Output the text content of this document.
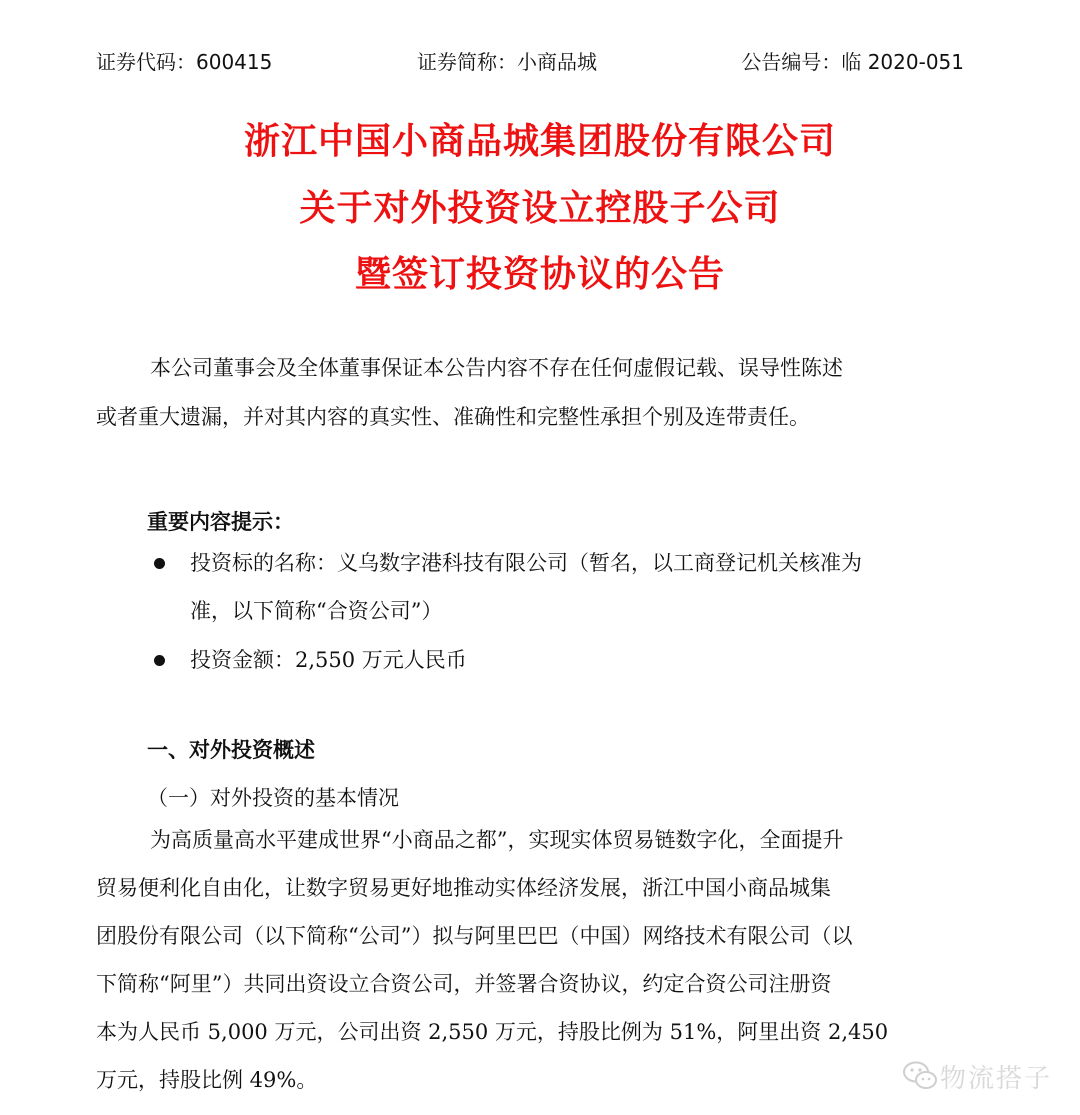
证券代码：600415	证券简称：小商品城	公告编号：临 2020-051
浙江中国小商品城集团股份有限公司
关于对外投资设立控股子公司
暨签订投资协议的公告
本公司董事会及全体董事保证本公告内容不存在任何虚假记载、误导性陈述
或者重大遗漏，并对其内容的真实性、准确性和完整性承担个别及连带责任。
重要内容提示：
投资标的名称：义乌数字港科技有限公司（暂名，以工商登记机关核准为
准，以下简称“合资公司”）
投资金额：2,550 万元人民币
一、对外投资概述
（一）对外投资的基本情况
为高质量高水平建成世界“小商品之都”，实现实体贸易链数字化，全面提升
贸易便利化自由化，让数字贸易更好地推动实体经济发展，浙江中国小商品城集
团股份有限公司（以下简称“公司”）拟与阿里巴巴（中国）网络技术有限公司（以
下简称“阿里”）共同出资设立合资公司，并签署合资协议，约定合资公司注册资
本为人民币 5,000 万元，公司出资 2,550 万元，持股比例为 51%，阿里出资 2,450
万元，持股比例 49%。	物流搭子
